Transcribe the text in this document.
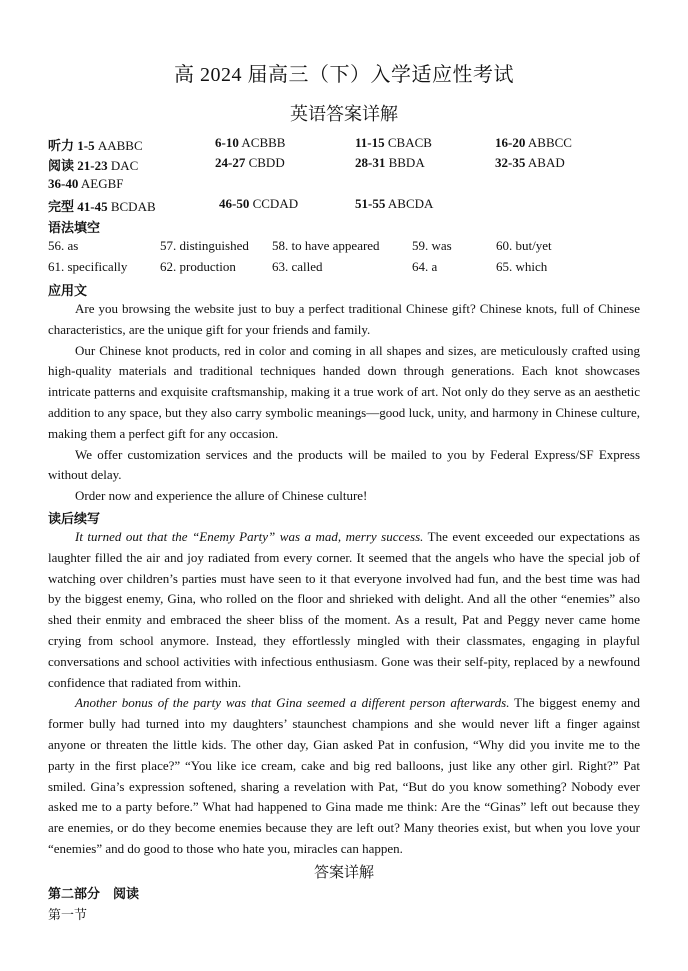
高 2024 届高三（下）入学适应性考试
英语答案详解
听力 1-5 AABBC	6-10 ACBBB	11-15 CBACB	16-20 ABBCC
阅读 21-23 DAC	24-27 CBDD	28-31 BBDA	32-35 ABAD
36-40 AEGBF
完型 41-45 BCDAB	46-50 CCDAD	51-55 ABCDA
语法填空
56. as	57. distinguished 58. to have appeared 59. was	60. but/yet
61. specifically	62. production	63. called	64. a	65. which
应用文

Are you browsing the website just to buy a perfect traditional Chinese gift? Chinese knots, full of Chinese characteristics, are the unique gift for your friends and family.

Our Chinese knot products, red in color and coming in all shapes and sizes, are meticulously crafted using high-quality materials and traditional techniques handed down through generations. Each knot showcases intricate patterns and exquisite craftsmanship, making it a true work of art. Not only do they serve as an aesthetic addition to any space, but they also carry symbolic meanings—good luck, unity, and harmony in Chinese culture, making them a perfect gift for any occasion.

We offer customization services and the products will be mailed to you by Federal Express/SF Express without delay.

Order now and experience the allure of Chinese culture!

读后续写

It turned out that the “Enemy Party” was a mad, merry success. The event exceeded our expectations as laughter filled the air and joy radiated from every corner. It seemed that the angels who have the special job of watching over children’s parties must have seen to it that everyone involved had fun, and the best time was had by the biggest enemy, Gina, who rolled on the floor and shrieked with delight. And all the other “enemies” also shed their enmity and embraced the sheer bliss of the moment. As a result, Pat and Peggy never came home crying from school anymore. Instead, they effortlessly mingled with their classmates, engaging in playful conversations and school activities with infectious enthusiasm. Gone was their self-pity, replaced by a newfound confidence that radiated from within.

Another bonus of the party was that Gina seemed a different person afterwards. The biggest enemy and former bully had turned into my daughters’ staunchest champions and she would never lift a finger against anyone or threaten the little kids. The other day, Gian asked Pat in confusion, “Why did you invite me to the party in the first place?” “You like ice cream, cake and big red balloons, just like any other girl. Right?” Pat smiled. Gina’s expression softened, sharing a revelation with Pat, “But do you know something? Nobody ever asked me to a party before.” What had happened to Gina made me think: Are the “Ginas” left out because they are enemies, or do they become enemies because they are left out? Many theories exist, but when you love your “enemies” and do good to those who hate you, miracles can happen.

答案详解
第二部分　阅读
第一节
